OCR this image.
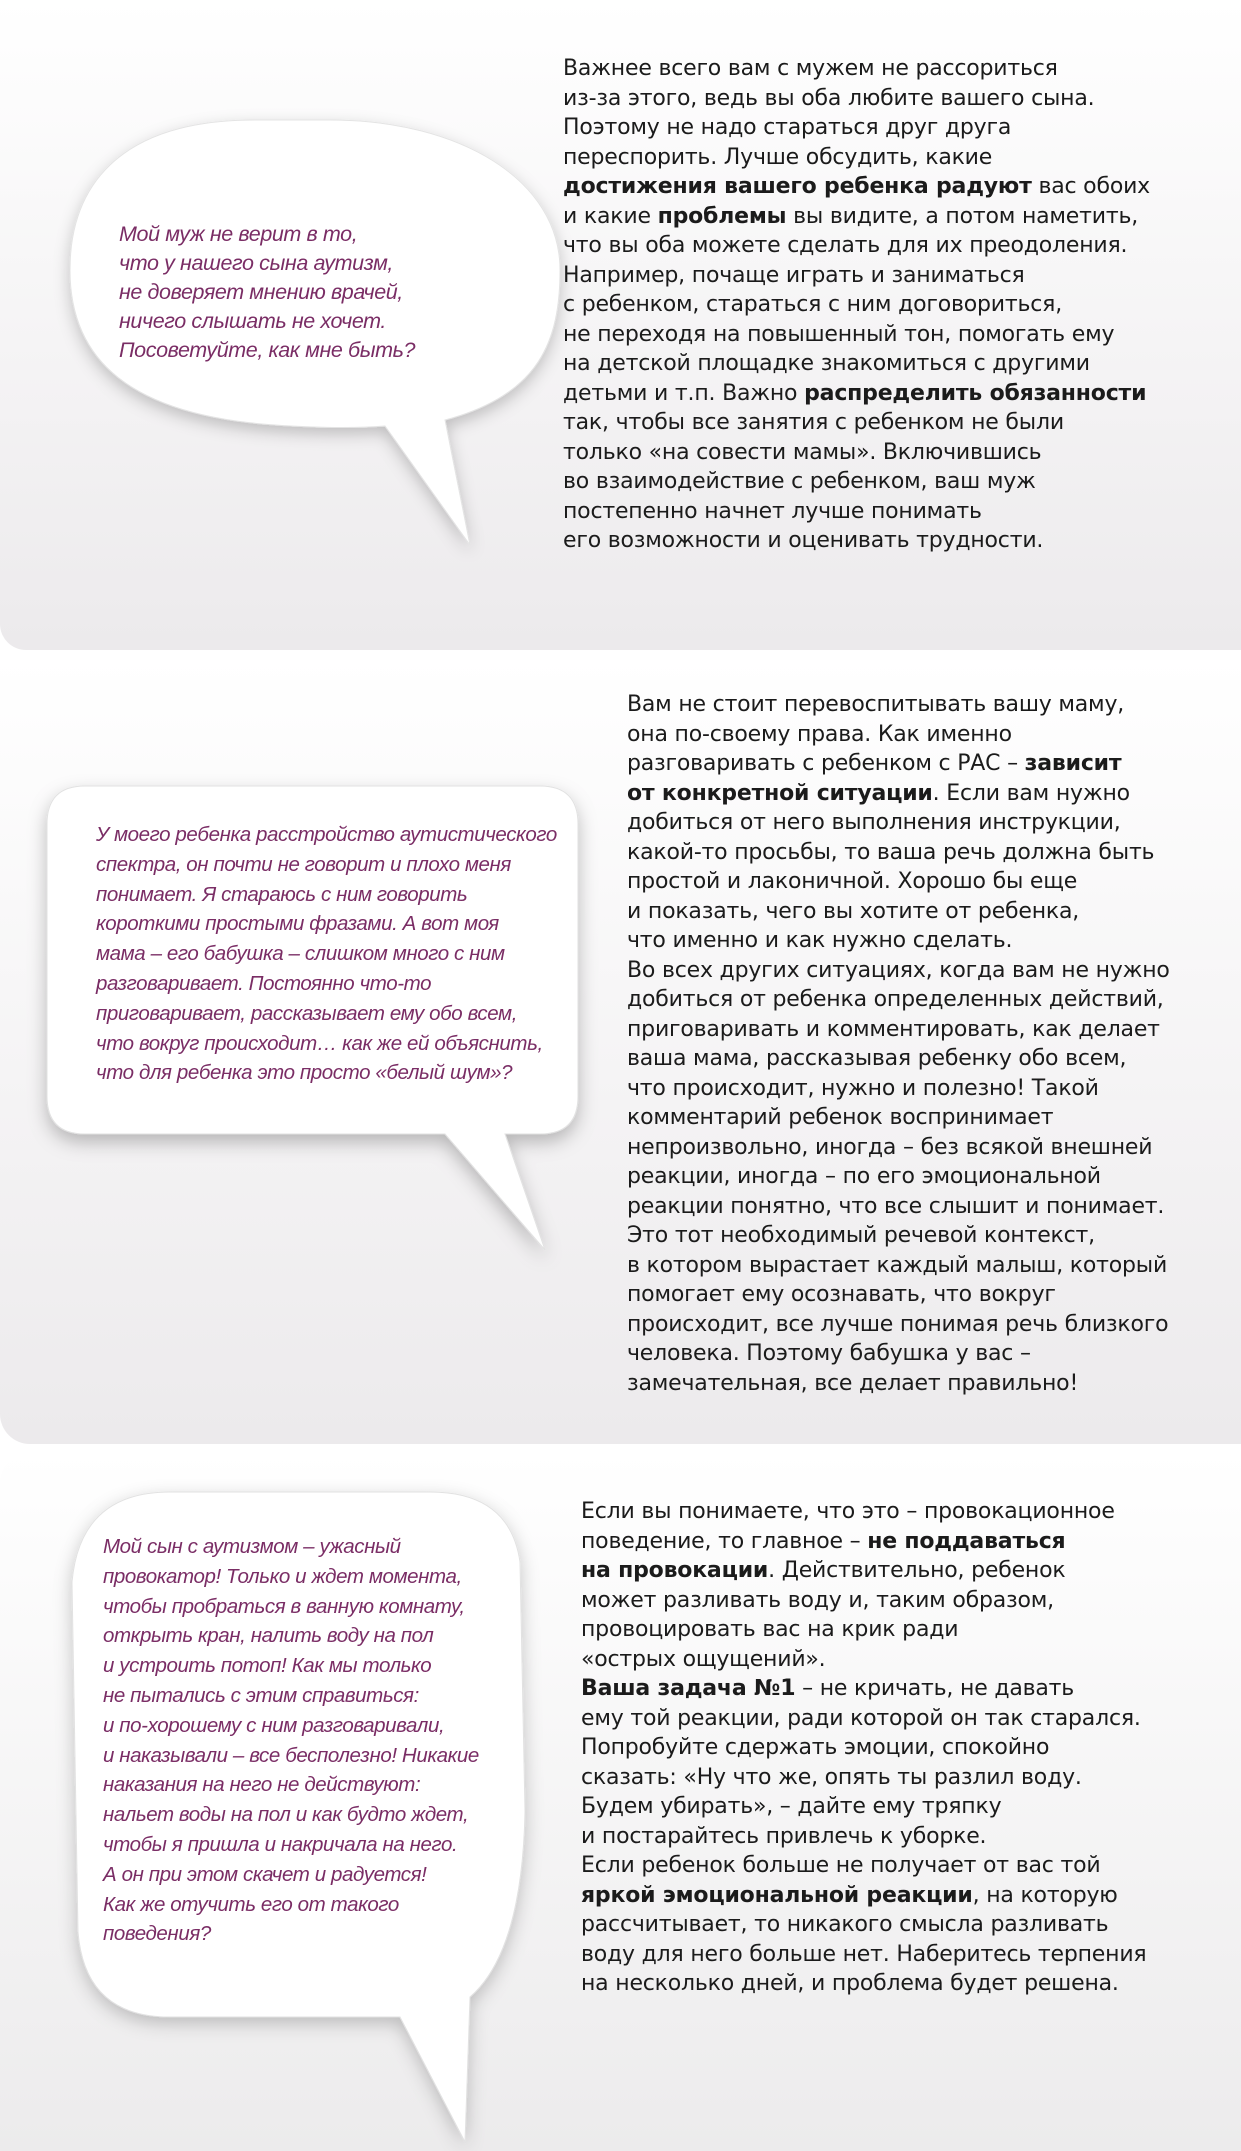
Мой муж не верит в то,
что у нашего сына аутизм,
не доверяет мнению врачей,
ничего слышать не хочет.
Посоветуйте, как мне быть?
Важнее всего вам с мужем не рассориться
из-за этого, ведь вы оба любите вашего сына.
Поэтому не надо стараться друг друга
переспорить. Лучше обсудить, какие
достижения вашего ребенка радуют вас обоих
и какие проблемы вы видите, а потом наметить,
что вы оба можете сделать для их преодоления.
Например, почаще играть и заниматься
с ребенком, стараться с ним договориться,
не переходя на повышенный тон, помогать ему
на детской площадке знакомиться с другими
детьми и т.п. Важно распределить обязанности
так, чтобы все занятия с ребенком не были
только «на совести мамы». Включившись
во взаимодействие с ребенком, ваш муж
постепенно начнет лучше понимать
его возможности и оценивать трудности.
У моего ребенка расстройство аутистического
спектра, он почти не говорит и плохо меня
понимает. Я стараюсь с ним говорить
короткими простыми фразами. А вот моя
мама – его бабушка – слишком много с ним
разговаривает. Постоянно что-то
приговаривает, рассказывает ему обо всем,
что вокруг происходит… как же ей объяснить,
что для ребенка это просто «белый шум»?
Вам не стоит перевоспитывать вашу маму,
она по-своему права. Как именно
разговаривать с ребенком с РАС – зависит
от конкретной ситуации. Если вам нужно
добиться от него выполнения инструкции,
какой-то просьбы, то ваша речь должна быть
простой и лаконичной. Хорошо бы еще
и показать, чего вы хотите от ребенка,
что именно и как нужно сделать.
Во всех других ситуациях, когда вам не нужно
добиться от ребенка определенных действий,
приговаривать и комментировать, как делает
ваша мама, рассказывая ребенку обо всем,
что происходит, нужно и полезно! Такой
комментарий ребенок воспринимает
непроизвольно, иногда – без всякой внешней
реакции, иногда – по его эмоциональной
реакции понятно, что все слышит и понимает.
Это тот необходимый речевой контекст,
в котором вырастает каждый малыш, который
помогает ему осознавать, что вокруг
происходит, все лучше понимая речь близкого
человека. Поэтому бабушка у вас –
замечательная, все делает правильно!
Мой сын с аутизмом – ужасный
провокатор! Только и ждет момента,
чтобы пробраться в ванную комнату,
открыть кран, налить воду на пол
и устроить потоп! Как мы только
не пытались с этим справиться:
и по-хорошему с ним разговаривали,
и наказывали – все бесполезно! Никакие
наказания на него не действуют:
нальет воды на пол и как будто ждет,
чтобы я пришла и накричала на него.
А он при этом скачет и радуется!
Как же отучить его от такого
поведения?
Если вы понимаете, что это – провокационное
поведение, то главное – не поддаваться
на провокации. Действительно, ребенок
может разливать воду и, таким образом,
провоцировать вас на крик ради
«острых ощущений».
Ваша задача №1 – не кричать, не давать
ему той реакции, ради которой он так старался.
Попробуйте сдержать эмоции, спокойно
сказать: «Ну что же, опять ты разлил воду.
Будем убирать», – дайте ему тряпку
и постарайтесь привлечь к уборке.
Если ребенок больше не получает от вас той
яркой эмоциональной реакции, на которую
рассчитывает, то никакого смысла разливать
воду для него больше нет. Наберитесь терпения
на несколько дней, и проблема будет решена.
